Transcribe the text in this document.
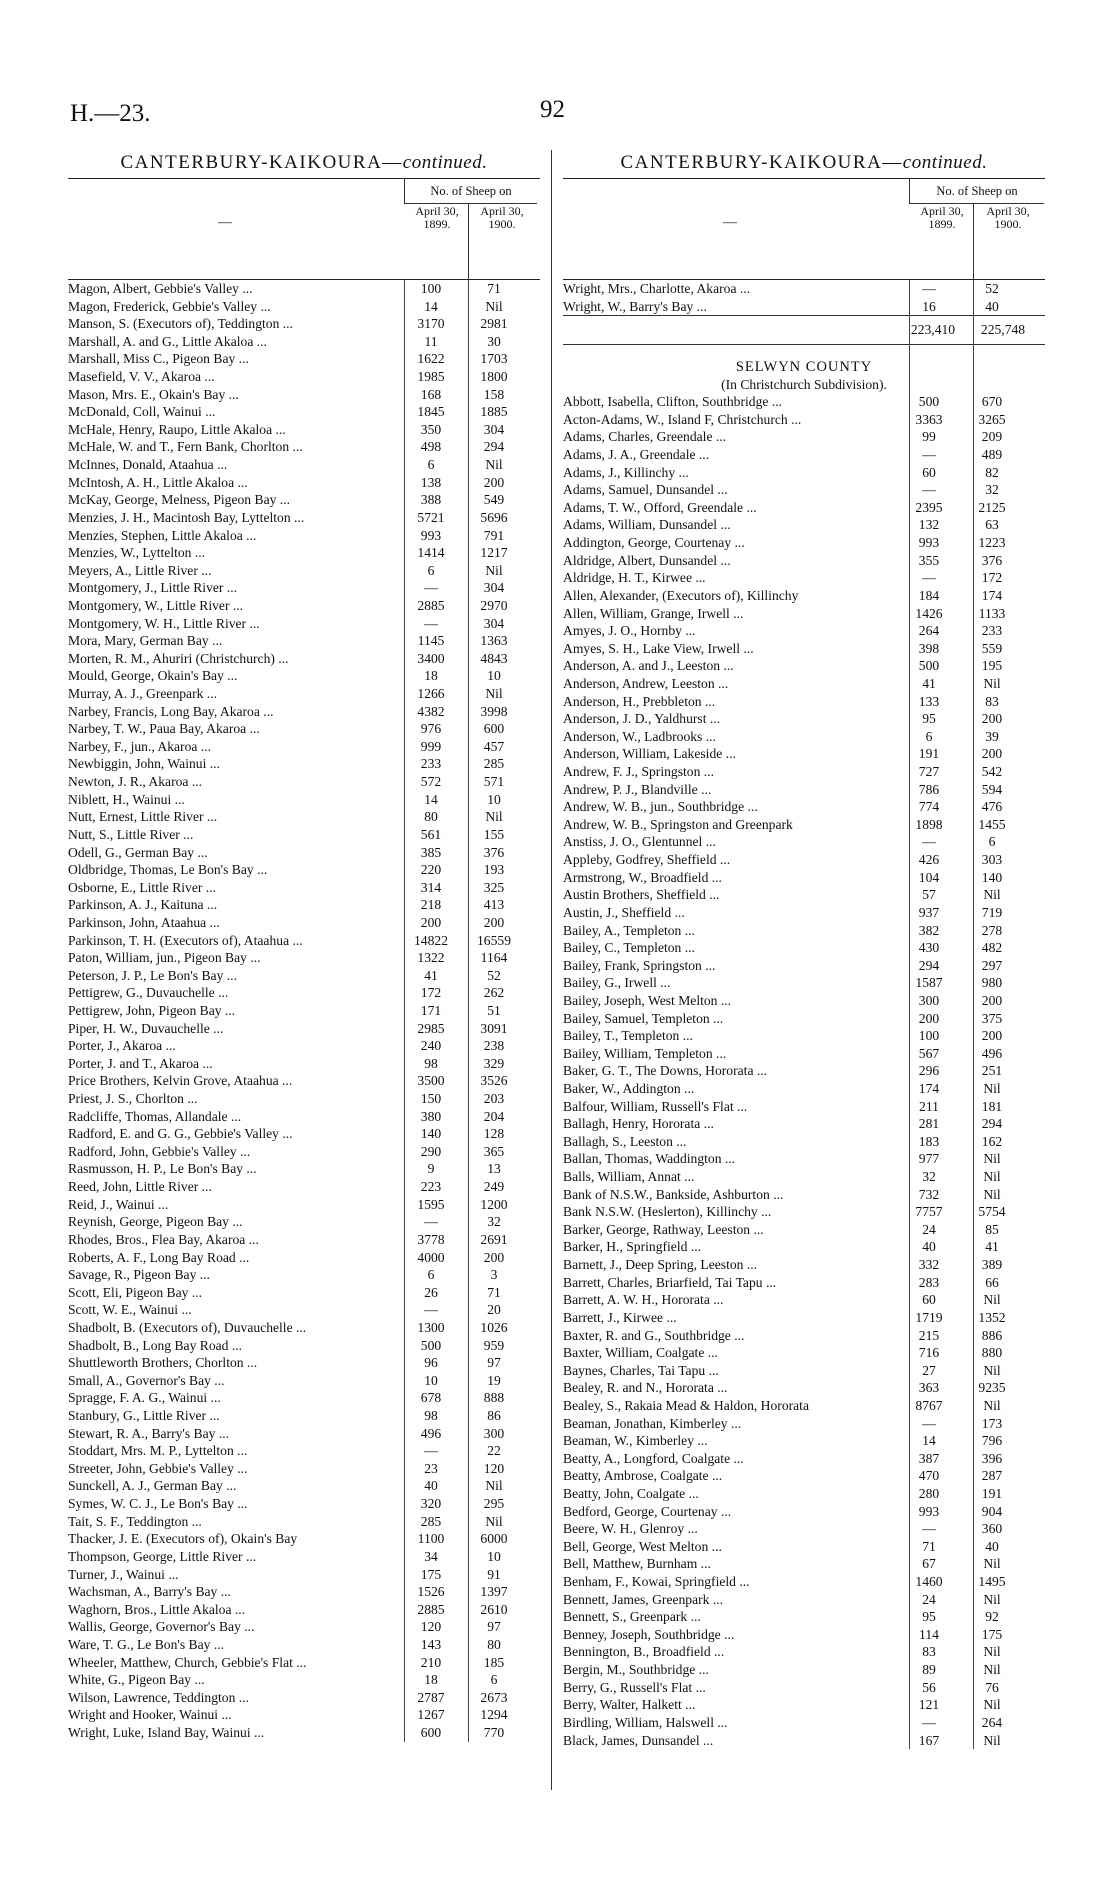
H.—23.	92
CANTERBURY-KAIKOURA—continued.
—
No. of Sheep on
April 30, 1899.
April 30, 1900.
Magon, Albert, Gebbie's Valley ...	100	71
Magon, Frederick, Gebbie's Valley ...	14	Nil
Manson, S. (Executors of), Teddington ...	3170	2981
Marshall, A. and G., Little Akaloa ...	11	30
Marshall, Miss C., Pigeon Bay ...	1622	1703
Masefield, V. V., Akaroa ...	1985	1800
Mason, Mrs. E., Okain's Bay ...	168	158
McDonald, Coll, Wainui ...	1845	1885
McHale, Henry, Raupo, Little Akaloa ...	350	304
McHale, W. and T., Fern Bank, Chorlton ...	498	294
McInnes, Donald, Ataahua ...	6	Nil
McIntosh, A. H., Little Akaloa ...	138	200
McKay, George, Melness, Pigeon Bay ...	388	549
Menzies, J. H., Macintosh Bay, Lyttelton ...	5721	5696
Menzies, Stephen, Little Akaloa ...	993	791
Menzies, W., Lyttelton ...	1414	1217
Meyers, A., Little River ...	6	Nil
Montgomery, J., Little River ...	—	304
Montgomery, W., Little River ...	2885	2970
Montgomery, W. H., Little River ...	—	304
Mora, Mary, German Bay ...	1145	1363
Morten, R. M., Ahuriri (Christchurch) ...	3400	4843
Mould, George, Okain's Bay ...	18	10
Murray, A. J., Greenpark ...	1266	Nil
Narbey, Francis, Long Bay, Akaroa ...	4382	3998
Narbey, T. W., Paua Bay, Akaroa ...	976	600
Narbey, F., jun., Akaroa ...	999	457
Newbiggin, John, Wainui ...	233	285
Newton, J. R., Akaroa ...	572	571
Niblett, H., Wainui ...	14	10
Nutt, Ernest, Little River ...	80	Nil
Nutt, S., Little River ...	561	155
Odell, G., German Bay ...	385	376
Oldbridge, Thomas, Le Bon's Bay ...	220	193
Osborne, E., Little River ...	314	325
Parkinson, A. J., Kaituna ...	218	413
Parkinson, John, Ataahua ...	200	200
Parkinson, T. H. (Executors of), Ataahua ...	14822	16559
Paton, William, jun., Pigeon Bay ...	1322	1164
Peterson, J. P., Le Bon's Bay ...	41	52
Pettigrew, G., Duvauchelle ...	172	262
Pettigrew, John, Pigeon Bay ...	171	51
Piper, H. W., Duvauchelle ...	2985	3091
Porter, J., Akaroa ...	240	238
Porter, J. and T., Akaroa ...	98	329
Price Brothers, Kelvin Grove, Ataahua ...	3500	3526
Priest, J. S., Chorlton ...	150	203
Radcliffe, Thomas, Allandale ...	380	204
Radford, E. and G. G., Gebbie's Valley ...	140	128
Radford, John, Gebbie's Valley ...	290	365
Rasmusson, H. P., Le Bon's Bay ...	9	13
Reed, John, Little River ...	223	249
Reid, J., Wainui ...	1595	1200
Reynish, George, Pigeon Bay ...	—	32
Rhodes, Bros., Flea Bay, Akaroa ...	3778	2691
Roberts, A. F., Long Bay Road ...	4000	200
Savage, R., Pigeon Bay ...	6	3
Scott, Eli, Pigeon Bay ...	26	71
Scott, W. E., Wainui ...	—	20
Shadbolt, B. (Executors of), Duvauchelle ...	1300	1026
Shadbolt, B., Long Bay Road ...	500	959
Shuttleworth Brothers, Chorlton ...	96	97
Small, A., Governor's Bay ...	10	19
Spragge, F. A. G., Wainui ...	678	888
Stanbury, G., Little River ...	98	86
Stewart, R. A., Barry's Bay ...	496	300
Stoddart, Mrs. M. P., Lyttelton ...	—	22
Streeter, John, Gebbie's Valley ...	23	120
Sunckell, A. J., German Bay ...	40	Nil
Symes, W. C. J., Le Bon's Bay ...	320	295
Tait, S. F., Teddington ...	285	Nil
Thacker, J. E. (Executors of), Okain's Bay	1100	6000
Thompson, George, Little River ...	34	10
Turner, J., Wainui ...	175	91
Wachsman, A., Barry's Bay ...	1526	1397
Waghorn, Bros., Little Akaloa ...	2885	2610
Wallis, George, Governor's Bay ...	120	97
Ware, T. G., Le Bon's Bay ...	143	80
Wheeler, Matthew, Church, Gebbie's Flat ...	210	185
White, G., Pigeon Bay ...	18	6
Wilson, Lawrence, Teddington ...	2787	2673
Wright and Hooker, Wainui ...	1267	1294
Wright, Luke, Island Bay, Wainui ...	600	770
CANTERBURY-KAIKOURA—continued.
—
No. of Sheep on
April 30, 1899.
April 30, 1900.
Wright, Mrs., Charlotte, Akaroa ...	—	52
Wright, W., Barry's Bay ...	16	40
223,410	225,748
SELWYN COUNTY
(In Christchurch Subdivision).
Abbott, Isabella, Clifton, Southbridge ...	500	670
Acton-Adams, W., Island F, Christchurch ...	3363	3265
Adams, Charles, Greendale ...	99	209
Adams, J. A., Greendale ...	—	489
Adams, J., Killinchy ...	60	82
Adams, Samuel, Dunsandel ...	—	32
Adams, T. W., Offord, Greendale ...	2395	2125
Adams, William, Dunsandel ...	132	63
Addington, George, Courtenay ...	993	1223
Aldridge, Albert, Dunsandel ...	355	376
Aldridge, H. T., Kirwee ...	—	172
Allen, Alexander, (Executors of), Killinchy	184	174
Allen, William, Grange, Irwell ...	1426	1133
Amyes, J. O., Hornby ...	264	233
Amyes, S. H., Lake View, Irwell ...	398	559
Anderson, A. and J., Leeston ...	500	195
Anderson, Andrew, Leeston ...	41	Nil
Anderson, H., Prebbleton ...	133	83
Anderson, J. D., Yaldhurst ...	95	200
Anderson, W., Ladbrooks ...	6	39
Anderson, William, Lakeside ...	191	200
Andrew, F. J., Springston ...	727	542
Andrew, P. J., Blandville ...	786	594
Andrew, W. B., jun., Southbridge ...	774	476
Andrew, W. B., Springston and Greenpark	1898	1455
Anstiss, J. O., Glentunnel ...	—	6
Appleby, Godfrey, Sheffield ...	426	303
Armstrong, W., Broadfield ...	104	140
Austin Brothers, Sheffield ...	57	Nil
Austin, J., Sheffield ...	937	719
Bailey, A., Templeton ...	382	278
Bailey, C., Templeton ...	430	482
Bailey, Frank, Springston ...	294	297
Bailey, G., Irwell ...	1587	980
Bailey, Joseph, West Melton ...	300	200
Bailey, Samuel, Templeton ...	200	375
Bailey, T., Templeton ...	100	200
Bailey, William, Templeton ...	567	496
Baker, G. T., The Downs, Hororata ...	296	251
Baker, W., Addington ...	174	Nil
Balfour, William, Russell's Flat ...	211	181
Ballagh, Henry, Hororata ...	281	294
Ballagh, S., Leeston ...	183	162
Ballan, Thomas, Waddington ...	977	Nil
Balls, William, Annat ...	32	Nil
Bank of N.S.W., Bankside, Ashburton ...	732	Nil
Bank N.S.W. (Heslerton), Killinchy ...	7757	5754
Barker, George, Rathway, Leeston ...	24	85
Barker, H., Springfield ...	40	41
Barnett, J., Deep Spring, Leeston ...	332	389
Barrett, Charles, Briarfield, Tai Tapu ...	283	66
Barrett, A. W. H., Hororata ...	60	Nil
Barrett, J., Kirwee ...	1719	1352
Baxter, R. and G., Southbridge ...	215	886
Baxter, William, Coalgate ...	716	880
Baynes, Charles, Tai Tapu ...	27	Nil
Bealey, R. and N., Hororata ...	363	9235
Bealey, S., Rakaia Mead & Haldon, Hororata	8767	Nil
Beaman, Jonathan, Kimberley ...	—	173
Beaman, W., Kimberley ...	14	796
Beatty, A., Longford, Coalgate ...	387	396
Beatty, Ambrose, Coalgate ...	470	287
Beatty, John, Coalgate ...	280	191
Bedford, George, Courtenay ...	993	904
Beere, W. H., Glenroy ...	—	360
Bell, George, West Melton ...	71	40
Bell, Matthew, Burnham ...	67	Nil
Benham, F., Kowai, Springfield ...	1460	1495
Bennett, James, Greenpark ...	24	Nil
Bennett, S., Greenpark ...	95	92
Benney, Joseph, Southbridge ...	114	175
Bennington, B., Broadfield ...	83	Nil
Bergin, M., Southbridge ...	89	Nil
Berry, G., Russell's Flat ...	56	76
Berry, Walter, Halkett ...	121	Nil
Birdling, William, Halswell ...	—	264
Black, James, Dunsandel ...	167	Nil
